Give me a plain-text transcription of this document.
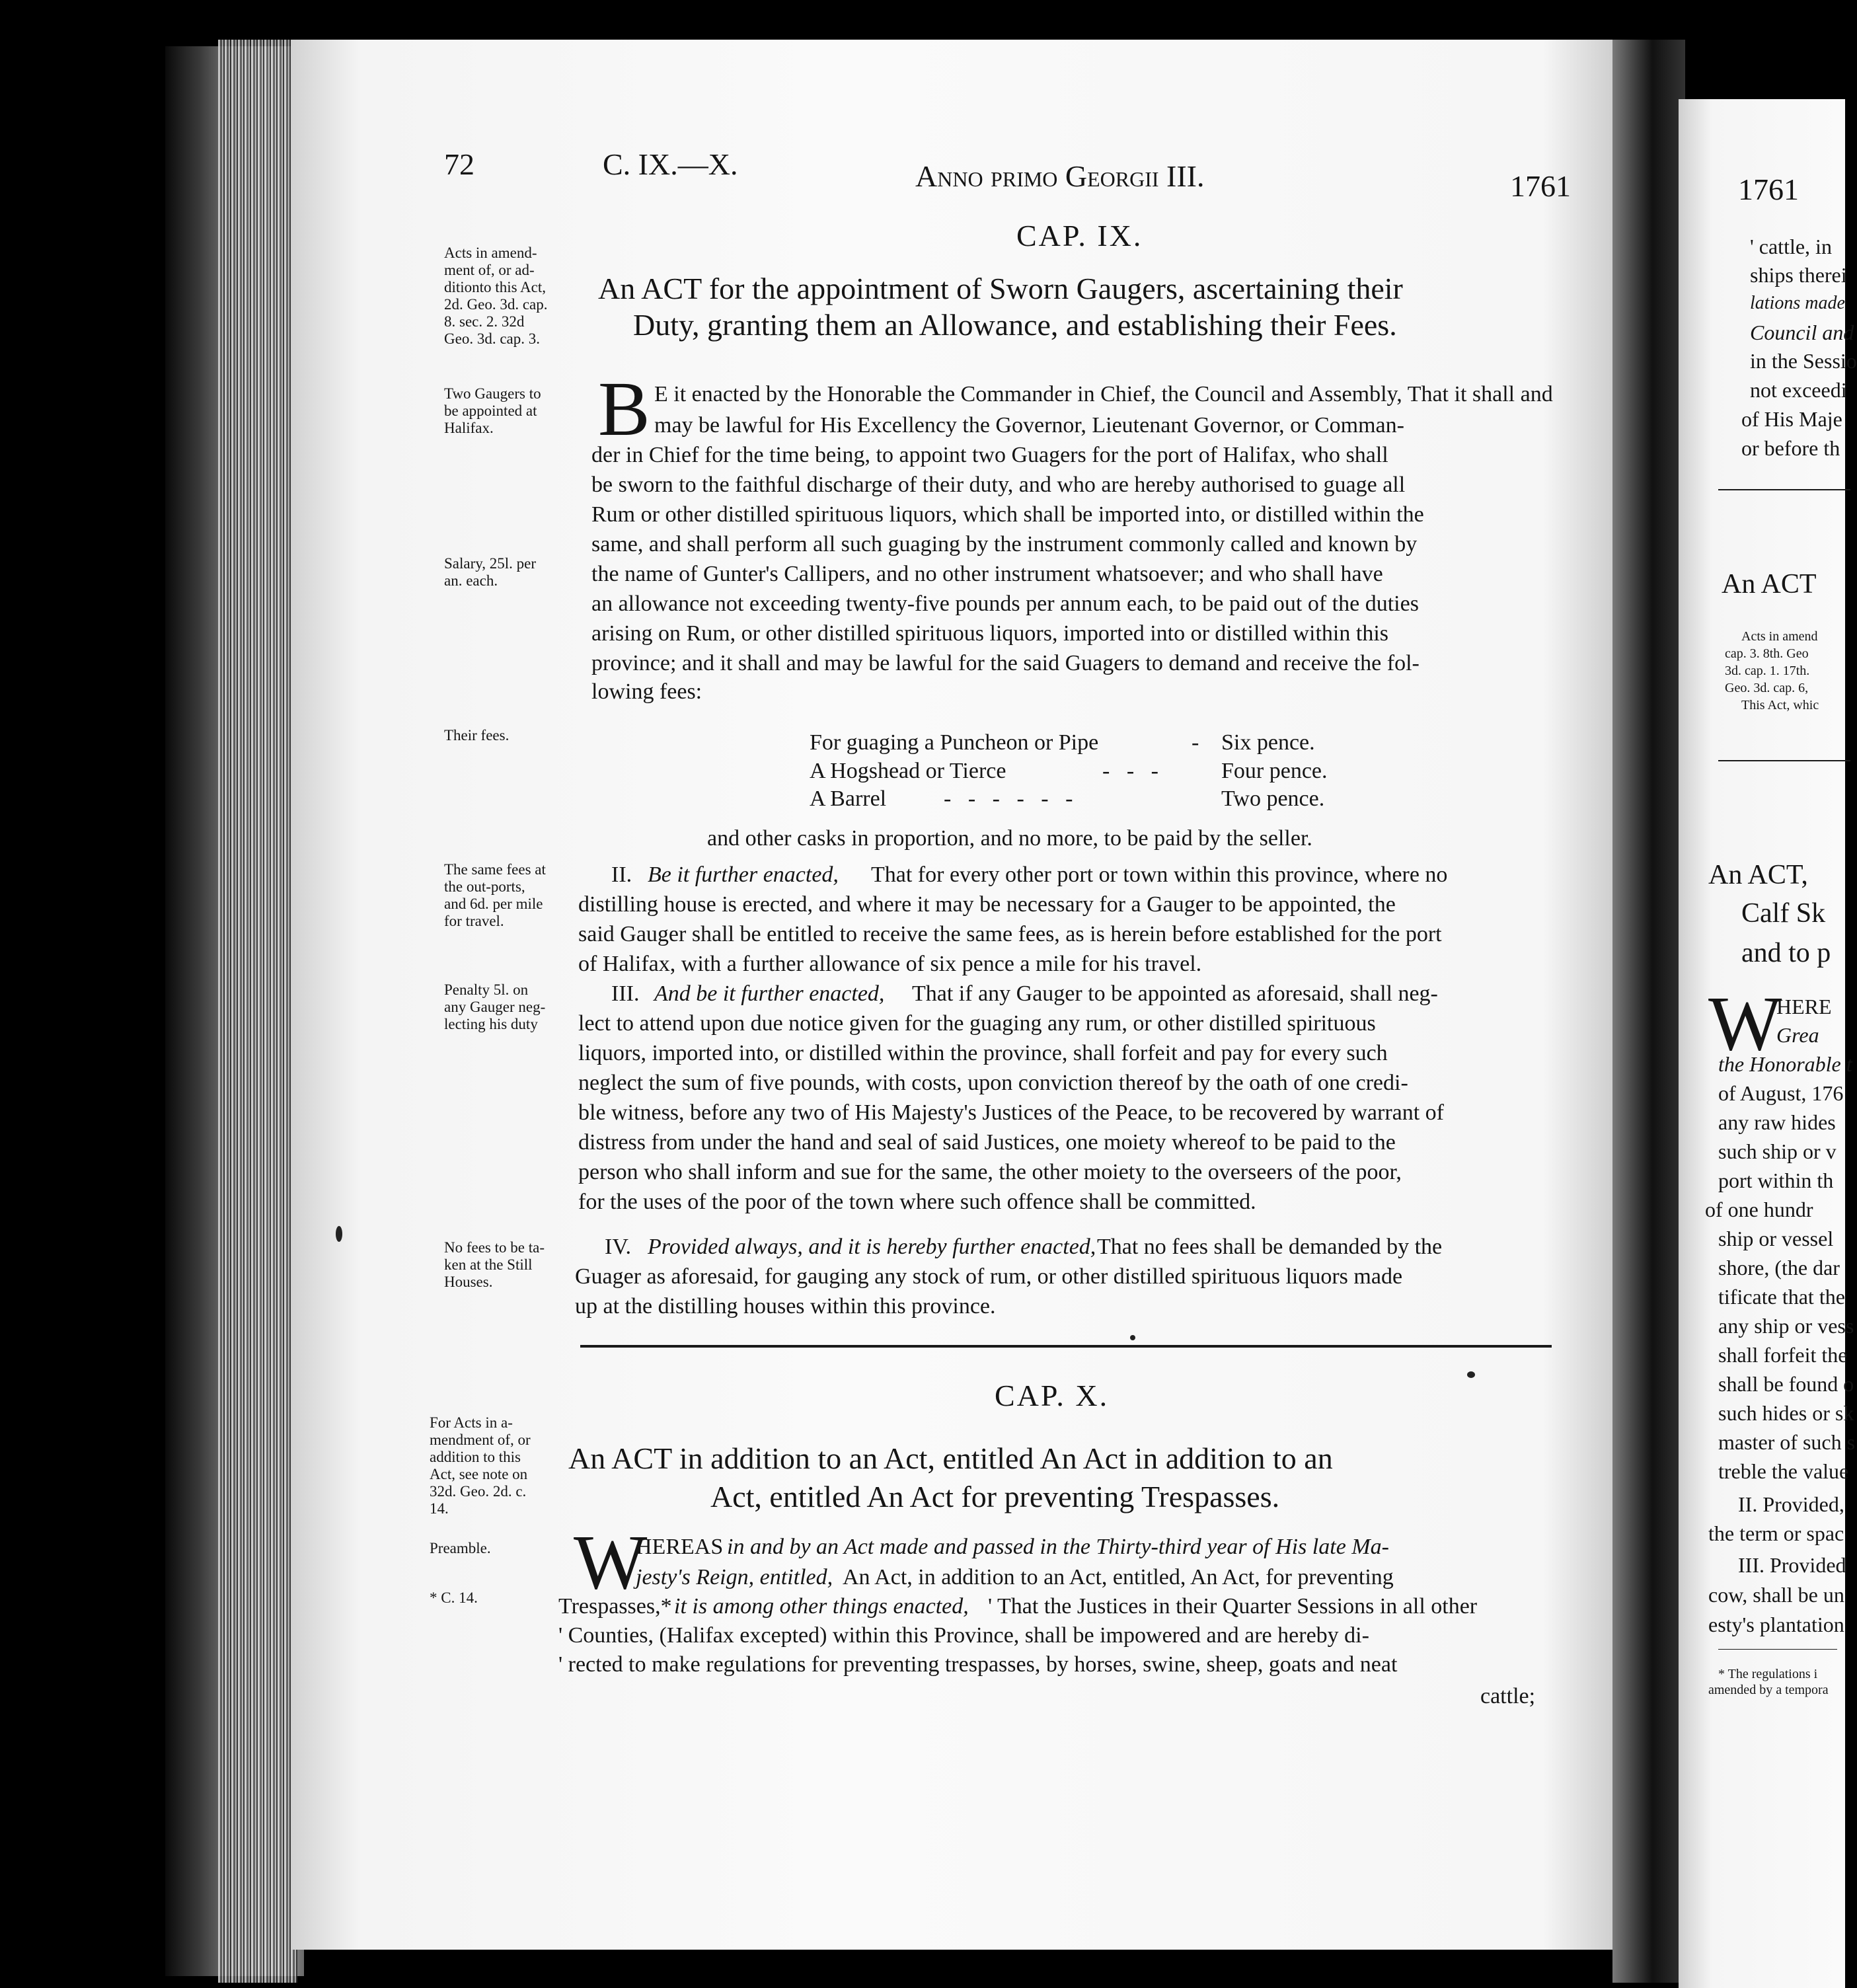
72	C. IX.—X.	Anno primo Georgii III.	1761
CAP. IX.
An ACT for the appointment of Sworn Gaugers, ascertaining their
Duty, granting them an Allowance, and establishing their Fees.
Acts in amend-
ment of, or ad-
ditionto this Act,
2d. Geo. 3d. cap.
8. sec. 2. 32d
Geo. 3d. cap. 3.
Two Gaugers to
be appointed at
Halifax.
Salary, 25l. per
an. each.
Their fees.
The same fees at
the out-ports,
and 6d. per mile
for travel.
Penalty 5l. on
any Gauger neg-
lecting his duty
No fees to be ta-
ken at the Still
Houses.
B E it enacted by the Honorable the Commander in Chief, the Council and Assembly, That it shall and
may be lawful for His Excellency the Governor, Lieutenant Governor, or Comman-
der in Chief for the time being, to appoint two Guagers for the port of Halifax, who shall
be sworn to the faithful discharge of their duty, and who are hereby authorised to guage all
Rum or other distilled spirituous liquors, which shall be imported into, or distilled within the
same, and shall perform all such guaging by the instrument commonly called and known by
the name of Gunter's Callipers, and no other instrument whatsoever; and who shall have
an allowance not exceeding twenty-five pounds per annum each, to be paid out of the duties
arising on Rum, or other distilled spirituous liquors, imported into or distilled within this
province; and it shall and may be lawful for the said Guagers to demand and receive the fol-
lowing fees:
For guaging a Puncheon or Pipe	- Six pence.
A Hogshead or Tierce	-   -   -	Four pence.
A Barrel	-   -   -   -   -   -	Two pence.
and other casks in proportion, and no more, to be paid by the seller.
II. Be it further enacted, That for every other port or town within this province, where no
distilling house is erected, and where it may be necessary for a Gauger to be appointed, the
said Gauger shall be entitled to receive the same fees, as is herein before established for the port
of Halifax, with a further allowance of six pence a mile for his travel.
III. And be it further enacted, That if any Gauger to be appointed as aforesaid, shall neg-
lect to attend upon due notice given for the guaging any rum, or other distilled spirituous
liquors, imported into, or distilled within the province, shall forfeit and pay for every such
neglect the sum of five pounds, with costs, upon conviction thereof by the oath of one credi-
ble witness, before any two of His Majesty's Justices of the Peace, to be recovered by warrant of
distress from under the hand and seal of said Justices, one moiety whereof to be paid to the
person who shall inform and sue for the same, the other moiety to the overseers of the poor,
for the uses of the poor of the town where such offence shall be committed.
IV. Provided always, and it is hereby further enacted, That no fees shall be demanded by the
Guager as aforesaid, for gauging any stock of rum, or other distilled spirituous liquors made
up at the distilling houses within this province.
CAP. X.
An ACT in addition to an Act, entitled An Act in addition to an
Act, entitled An Act for preventing Trespasses.
For Acts in a-
mendment of, or
addition to this
Act, see note on
32d. Geo. 2d. c.
14.
Preamble.
* C. 14. W
HEREAS in and by an Act made and passed in the Thirty-third year of His late Ma-
jesty's Reign, entitled, An Act, in addition to an Act, entitled, An Act, for preventing
Trespasses,* it is among other things enacted, ' That the Justices in their Quarter Sessions in all other
' Counties, (Halifax excepted) within this Province, shall be impowered and are hereby di-
' rected to make regulations for preventing trespasses, by horses, swine, sheep, goats and neat
cattle;
1761
' cattle, in
ships therei
lations made
Council and
in the Sessio
not exceedi
of His Maje
or before th
An ACT
Acts in amend
cap. 3. 8th. Geo
3d. cap. 1. 17th.
Geo. 3d. cap. 6,
This Act, whic
An ACT,
Calf Sk
and to p
W
HERE
Grea
the Honorable t
of August, 176
any raw hides
such ship or v
port within th
of one hundr
ship or vessel
shore, (the dar
tificate that the
any ship or vess
shall forfeit the
shall be found o
such hides or sk
master of such s
treble the value
II. Provided,
the term or spac
III. Provided
cow, shall be un
esty's plantation
* The regulations i
amended by a tempora
